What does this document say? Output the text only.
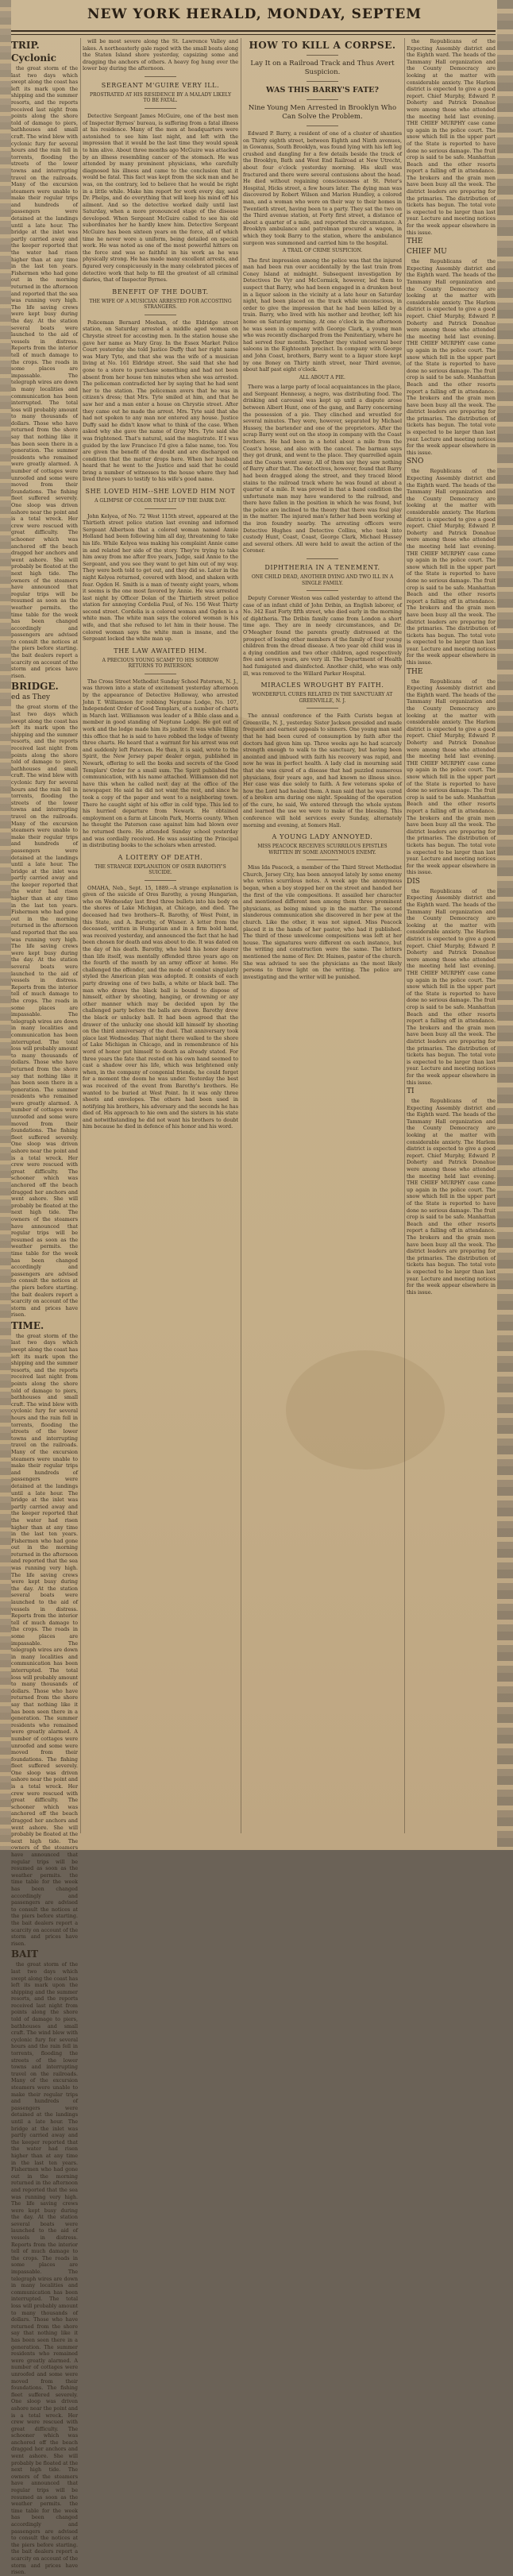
NEW YORK HERALD, MONDAY, SEPTEM
TRIP.
Cyclonic

the great storm of the last two days which swept along the coast has left its mark upon the shipping and the summer resorts, and the reports received last night from points along the shore told of damage to piers, bathhouses and small craft. The wind blew with cyclonic fury for several hours and the rain fell in torrents, flooding the streets of the lower towns and interrupting travel on the railroads. Many of the excursion steamers were unable to make their regular trips and hundreds of passengers were detained at the landings until a late hour. The bridge at the inlet was partly carried away and the keeper reported that the water had risen higher than at any time in the last ten years. Fishermen who had gone out in the morning returned in the afternoon and reported that the sea was running very high. The life saving crews were kept busy during the day. At the station several boats were launched to the aid of vessels in distress. Reports from the interior tell of much damage to the crops. The roads in some places are impassable. The telegraph wires are down in many localities and communication has been interrupted. The total loss will probably amount to many thousands of dollars. Those who have returned from the shore say that nothing like it has been seen there in a generation. The summer residents who remained were greatly alarmed. A number of cottages were unroofed and some were moved from their foundations. The fishing fleet suffered severely. One sloop was driven ashore near the point and is a total wreck. Her crew were rescued with great difficulty. The schooner which was anchored off the beach dragged her anchors and went ashore. She will probably be floated at the next high tide. The owners of the steamers have announced that regular trips will be resumed as soon as the weather permits. the time table for the week has been changed accordingly and passengers are advised to consult the notices at the piers before starting. the bait dealers report a scarcity on account of the storm and prices have risen.

BRIDGE.
ed as They

the great storm of the last two days which swept along the coast has left its mark upon the shipping and the summer resorts, and the reports received last night from points along the shore told of damage to piers, bathhouses and small craft. The wind blew with cyclonic fury for several hours and the rain fell in torrents, flooding the streets of the lower towns and interrupting travel on the railroads. Many of the excursion steamers were unable to make their regular trips and hundreds of passengers were detained at the landings until a late hour. The bridge at the inlet was partly carried away and the keeper reported that the water had risen higher than at any time in the last ten years. Fishermen who had gone out in the morning returned in the afternoon and reported that the sea was running very high. The life saving crews were kept busy during the day. At the station several boats were launched to the aid of vessels in distress. Reports from the interior tell of much damage to the crops. The roads in some places are impassable. The telegraph wires are down in many localities and communication has been interrupted. The total loss will probably amount to many thousands of dollars. Those who have returned from the shore say that nothing like it has been seen there in a generation. The summer residents who remained were greatly alarmed. A number of cottages were unroofed and some were moved from their foundations. The fishing fleet suffered severely. One sloop was driven ashore near the point and is a total wreck. Her crew were rescued with great difficulty. The schooner which was anchored off the beach dragged her anchors and went ashore. She will probably be floated at the next high tide. The owners of the steamers have announced that regular trips will be resumed as soon as the weather permits. the time table for the week has been changed accordingly and passengers are advised to consult the notices at the piers before starting. the bait dealers report a scarcity on account of the storm and prices have risen.

TIME.

the great storm of the last two days which swept along the coast has left its mark upon the shipping and the summer resorts, and the reports received last night from points along the shore told of damage to piers, bathhouses and small craft. The wind blew with cyclonic fury for several hours and the rain fell in torrents, flooding the streets of the lower towns and interrupting travel on the railroads. Many of the excursion steamers were unable to make their regular trips and hundreds of passengers were detained at the landings until a late hour. The bridge at the inlet was partly carried away and the keeper reported that the water had risen higher than at any time in the last ten years. Fishermen who had gone out in the morning returned in the afternoon and reported that the sea was running very high. The life saving crews were kept busy during the day. At the station several boats were launched to the aid of vessels in distress. Reports from the interior tell of much damage to the crops. The roads in some places are impassable. The telegraph wires are down in many localities and communication has been interrupted. The total loss will probably amount to many thousands of dollars. Those who have returned from the shore say that nothing like it has been seen there in a generation. The summer residents who remained were greatly alarmed. A number of cottages were unroofed and some were moved from their foundations. The fishing fleet suffered severely. One sloop was driven ashore near the point and is a total wreck. Her crew were rescued with great difficulty. The schooner which was anchored off the beach dragged her anchors and went ashore. She will probably be floated at the next high tide. The owners of the steamers have announced that regular trips will be resumed as soon as the weather permits. the time table for the week has been changed accordingly and passengers are advised to consult the notices at the piers before starting. the bait dealers report a scarcity on account of the storm and prices have risen.

BAIT

the great storm of the last two days which swept along the coast has left its mark upon the shipping and the summer resorts, and the reports received last night from points along the shore told of damage to piers, bathhouses and small craft. The wind blew with cyclonic fury for several hours and the rain fell in torrents, flooding the streets of the lower towns and interrupting travel on the railroads. Many of the excursion steamers were unable to make their regular trips and hundreds of passengers were detained at the landings until a late hour. The bridge at the inlet was partly carried away and the keeper reported that the water had risen higher than at any time in the last ten years. Fishermen who had gone out in the morning returned in the afternoon and reported that the sea was running very high. The life saving crews were kept busy during the day. At the station several boats were launched to the aid of vessels in distress. Reports from the interior tell of much damage to the crops. The roads in some places are impassable. The telegraph wires are down in many localities and communication has been interrupted. The total loss will probably amount to many thousands of dollars. Those who have returned from the shore say that nothing like it has been seen there in a generation. The summer residents who remained were greatly alarmed. A number of cottages were unroofed and some were moved from their foundations. The fishing fleet suffered severely. One sloop was driven ashore near the point and is a total wreck. Her crew were rescued with great difficulty. The schooner which was anchored off the beach dragged her anchors and went ashore. She will probably be floated at the next high tide. The owners of the steamers have announced that regular trips will be resumed as soon as the weather permits. the time table for the week has been changed accordingly and passengers are advised to consult the notices at the piers before starting. the bait dealers report a scarcity on account of the storm and prices have risen.

will be most severe along the St. Lawrence Valley and lakes. A northeasterly gale raged with the small boats along the Staten Island shore yesterday, capsizing some and dragging the anchors of others. A heavy fog hung over the lower bay during the afternoon.

SERGEANT M'GUIRE VERY ILL.
PROSTRATED AT HIS RESIDENCE BY A MALADY LIKELY TO BE FATAL.

Detective Sergeant James McGuire, one of the best men of Inspector Byrnes' bureau, is suffering from a fatal illness at his residence. Many of the men at headquarters were astonished to see him last night, and left with the impression that it would be the last time they would speak to him alive. About three months ago McGuire was attacked by an illness resembling cancer of the stomach. He was attended by many prominent physicians, who carefully diagnosed his illness and came to the conclusion that it would be fatal. This fact was kept from the sick man and he was, on the contrary, led to believe that he would be right in a little while. Make him report for work every day, said Dr. Phelps, and do everything that will keep his mind off his ailment. And so the detective worked daily until last Saturday, when a more pronounced stage of the disease developed. When Sergeant McGuire called to see his old subordinates her he hardly knew him. Detective Sergeant McGuire has been sixteen years on the force, all of which time he never wore a uniform, being detailed on special work. He was noted as one of the most powerful hitters on the force and was so faithful in his work as he was physically strong. He has made many excellent arrests, and figured very conspicuously in the many celebrated pieces of detective work that help to fill the greatest of all criminal diaries, that of Inspector Byrnes.

BENEFIT OF THE DOUBT.
THE WIFE OF A MUSICIAN ARRESTED FOR ACCOSTING STRANGERS.

Policeman Bernard Meehan, of the Eldridge street station, on Saturday arrested a middle aged woman on Chrystie street for accosting men. In the station house she gave her name as Mary Gray. In the Essex Market Police Court yesterday she told Justice Duffy that her right name was Mary Tyte, and that she was the wife of a musician living at No. 161 Eldridge street. She said that she had gone to a store to purchase something and had not been absent from her house ten minutes when she was arrested. The policeman contradicted her by saying that he had sent her to the station. The policeman avers that he was in citizen's dress; that Mrs. Tyte smiled at him, and that he saw her and a man enter a house on Chrystie street. After they came out he made the arrest. Mrs. Tyte said that she had not spoken to any man nor entered any house. Justice Duffy said he didn't know what to think of the case. When asked why she gave the name of Gray Mrs. Tyte said she was frightened. That's natural, said the magistrate. If I was guided by the law Francisco I'd give a false name, too. You are given the benefit of the doubt and are discharged on condition that the matter drops here. When her husband heard that he went to the Justice and said that he could bring a number of witnesses to the house where they had lived three years to testify to his wife's good name.

SHE LOVED HIM--SHE LOVED HIM NOT
A GLIMPSE OF COLOR THAT LIT UP THE DARK DAY.

John Kelyea, of No. 72 West 115th street, appeared at the Thirtieth street police station last evening and informed Sergeant Albertson that a colored woman named Annie Holland had been following him all day, threatening to take his life. While Kelyea was making his complaint Annie came in and related her side of the story. They're trying to take him away from me after five years, Judge, said Annie to the Sergeant, and you see they want to get him out of my way. They were both told to get out, and they did so. Later in the night Kelyea returned, covered with blood, and shaken with fear. Ogden H. Smith is a man of twenty eight years, whom it seems is the one most favored by Annie. He was arrested last night by Officer Dolan of the Thirtieth street police station for annoying Cordelia Paul, of No. 156 West Thirty second street. Cordelia is a colored woman and Ogden is a white man. The white man says the colored woman is his wife, and that she refused to let him in their house. The colored woman says the white man is insane, and the Sergeant locked the white man up.

THE LAW AWAITED HIM.
A PRECIOUS YOUNG SCAMP TO HIS SORROW RETURNS TO PATERSON.

The Cross Street Methodist Sunday School Paterson, N. J., was thrown into a state of excitement yesterday afternoon by the appearance of Detective Holloway, who arrested John T. Williamson for robbing Neptune Lodge, No. 107, Independent Order of Good Templars, of a number of charts in March last. Williamson was leader of a Bible class and a member in good standing of Neptune Lodge. He got out of work and the lodge made him its janitor. It was while filling this office that he is said to have robbed the lodge of twenty three charts. He heard that a warrant for his arrest was out and suddenly left Paterson. He then, it is said, wrote to the Spirit, the New Jersey paper dealer organ, published in Newark, offering to sell the books and secrets of the Good Templars' Order for a small sum. The Spirit published the communication, with his name attached. Williamson did not have this when he called next day at the office of the newspaper. He said he did not want the rest, and since he took a copy of the paper and went to a neighboring town. There he caught sight of his offer in cold type. This led to his hurried departure from Newark. He obtained employment on a farm at Lincoln Park, Morris county. When he thought the Paterson case against him had blown over he returned there. He attended Sunday school yesterday and was cordially received. He was assisting the Principal in distributing books to the scholars when arrested.

A LOITERY OF DEATH.
THE STRANGE EXPLANATION OF OSER BAROTHY'S SUICIDE.

OMAHA, Neb., Sept. 15, 1889.--A strange explanation is given of the suicide of Ores Barothy, a young Hungarian, who on Wednesday last fired three bullets into his body on the shores of Lake Michigan, at Chicago, and died. The deceased had two brothers--R. Barothy, of West Point, in this State, and A. Barothy, of Wisner. A letter from the deceased, written in Hungarian and in a firm bold hand, was received yesterday, and announced the fact that he had been chosen for death and was about to die. It was dated on the day of his death. Barothy, who held his honor dearer than life itself, was mentally offended three years ago on the fourth of the month by an army officer at home. He challenged the offender, and the mode of combat singularly styled the American plan was adopted. It consists of each party drawing one of two balls, a white or black ball. The man who draws the black ball is bound to dispose of himself, either by shooting, hanging, or drowning or any other manner which may be decided upon by the challenged party before the balls are drawn. Barothy drew the black or unlucky ball. It had been agreed that the drawer of the unlucky one should kill himself by shooting on the third anniversary of the duel. That anniversary took place last Wednesday. That night there walked to the shore of Lake Michigan in Chicago, and in remembrance of his word of honor put himself to death as already stated. For three years the fate that rested on his own hand seemed to cast a shadow over his life, which was brightened only when, in the company of congenial friends, he could forget for a moment the doom he was under. Yesterday the best was received of the event from Barothy's brothers. He wanted to be buried at West Point. In it was only three sheets and envelopes. The others had been used in notifying his brothers, his adversary and the seconds he has died of. His approach to hie own and the sisters in his state and notwithstanding he did not want his brothers to doubt him because he died in defence of his honor and his word.

HOW TO KILL A CORPSE.
Lay It on a Railroad Track and Thus Avert Suspicion.
WAS THIS BARRY'S FATE?
Nine Young Men Arrested in Brooklyn Who Can Solve the Problem.

Edward P. Barry, a resident of one of a cluster of shanties on Thirty eighth street, between Eighth and Ninth avenues, in Gowanus, South Brooklyn, was found lying with his left leg crushed and dangling for a few details beside the track of the Brooklyn, Bath and West End Railroad at New Utrecht, about four o'clock yesterday morning. His skull was fractured and there were several contusions about the head. He died without regaining consciousness at St. Peter's Hospital, Hicks street, a few hours later. The dying man was discovered by Robert Wilson and Marion Hundley, a colored man, and a woman who were on their way to their homes in Twentieth street, having been to a party. They sat the two on the Third avenue station, at Forty first street, a distance of about a quarter of a mile, and reported the circumstance. A Brooklyn ambulance and patrolman procured a wagon, in which they took Barry to the station, where the ambulance surgeon was summoned and carried him to the hospital.

A TRAIL OF CRIME SUSPICION.

The first impression among the police was that the injured man had been run over accidentally by the last train from Coney Island at midnight. Subsequent investigation by Detectives De Vyr and McCormick, however, led them to suspect that Barry, who had been engaged in a drunken bout in a liquor saloon in the vicinity at a late hour on Saturday night, had been placed on the track while unconscious, in order to give the impression that he had been killed by a train. Barry, who lived with his mother and brother, left his home on Saturday morning. At one o'clock in the afternoon he was seen in company with George Clark, a young man who was recently discharged from the Penitentiary, where he had served four months. Together they visited several beer saloons in the Eighteenth precinct. In company with George and John Coast, brothers, Barry went to a liquor store kept by one Boney on Thirty ninth street, near Third avenue, about half past eight o'clock.

ALL ABOUT A PIE.

There was a large party of local acquaintances in the place, and Sergeant Hennessy, a negro, was distributing food. The drinking and carousal was kept up until a dispute arose between Albert Hunt, one of the gang, and Barry concerning the possession of a pie. They clinched and wrestled for several minutes. They were, however, separated by Michael Hussey, the bartender and one of the proprietors. After the scrap Barry went out on the stoop in company with the Coast brothers. He had been in a hotel about a mile from the Coast's house, and also with the cancel. The barman says they got drunk, and went to the place. They quarrelled again and the Coasts went away. All of them say they saw nothing of Barry after that. The detectives, however, found that Barry had been dragged along the street, and they traced blood stains to the railroad track where he was found at about a quarter of a mile. It was proved in that a band condition the unfortunate man may have wandered to the railroad, and there have fallen in the position in which he was found, but the police are inclined to the theory that there was foul play in the matter. The injured man's father had been working at the iron foundry nearby. The arresting officers were Detective Hughes and Detective Collins, who took into custody Hunt, Coast, Coast, George Clark, Michael Hussey and several others. All were held to await the action of the Coroner.

DIPHTHERIA IN A TENEMENT.
ONE CHILD DEAD, ANOTHER DYING AND TWO ILL IN A SINGLE FAMILY.

Deputy Coroner Weston was called yesterday to attend the case of an infant child of John Dribin, an English laborer, of No. 342 East Forty fifth street, who died early in the morning of diphtheria. The Dribin family came from London a short time ago. They are in needy circumstances, and Dr. O'Meagher found the parents greatly distressed at the prospect of losing other members of the family of four young children from the dread disease. A two year old child was in a dying condition and two other children, aged respectively five and seven years, are very ill. The Department of Health had fumigated and disinfected. Another child, who was only ill, was removed to the Willard Parker Hospital.

MIRACLES WROUGHT BY FAITH.
WONDERFUL CURES RELATED IN THE SANCTUARY AT GREENVILLE, N. J.

The annual conference of the Faith Curists began at Greenville, N. J., yesterday. Sister Jackson presided and made frequent and earnest appeals to sinners. One young man said that he had been cured of consumption by faith after the doctors had given him up. Three weeks ago he had scarcely strength enough to walk to the sanctuary, but having been anointed and imbued with faith his recovery was rapid, and now he was in perfect health. A lady clad in mourning said that she was cured of a disease that had puzzled numerous physicians, four years ago, and had known no illness since. Her case was due solely to faith. A few veterans spoke of how the Lord had healed them. A man said that he was cured of a broken arm during one night. Speaking of the operation of the cure, he said, We entered through the whole system and learned the use we were to make of the blessing. This conference will hold services every Sunday, alternately morning and evening, at Somers Hall.

A YOUNG LADY ANNOYED.
MISS PEACOCK RECEIVES SCURRILOUS EPISTLES WRITTEN BY SOME ANONYMOUS ENEMY.

Miss Ida Peacock, a member of the Third Street Methodist Church, Jersey City, has been annoyed lately by some enemy who writes scurrilous notes. A week ago the anonymous began, when a boy stopped her on the street and handed her the first of the vile compositions. It assailed her character and mentioned different men among them three prominent physicians, as being mixed up in the matter. The second slanderous communication she discovered in her pew at the church. Like the other, it was not signed. Miss Peacock placed it in the hands of her pastor, who had it published. The third of these unwelcome compositions was left at her house. The signatures were different on each instance, but the writing and construction were the same. The letters mentioned the name of Rev. Dr. Haines, pastor of the church. She was advised to see the physicians as the most likely persons to throw light on the writing. The police are investigating and the writer will be punished.

the Republicans of the Expecting Assembly district and the Eighth ward. The heads of the Tammany Hall organization and the County Democracy are looking at the matter with considerable anxiety. The Harlem district is expected to give a good report. Chief Murphy, Edward P. Doherty and Patrick Donahue were among those who attended the meeting held last evening. THE CHIEF MURPHY case came up again in the police court. The snow which fell in the upper part of the State is reported to have done no serious damage. The fruit crop is said to be safe. Manhattan Beach and the other resorts report a falling off in attendance. The brokers and the grain men have been busy all the week. The district leaders are preparing for the primaries. The distribution of tickets has begun. The total vote is expected to be larger than last year. Lecture and meeting notices for the week appear elsewhere in this issue.

THE
CHIEF MU

the Republicans of the Expecting Assembly district and the Eighth ward. The heads of the Tammany Hall organization and the County Democracy are looking at the matter with considerable anxiety. The Harlem district is expected to give a good report. Chief Murphy, Edward P. Doherty and Patrick Donahue were among those who attended the meeting held last evening. THE CHIEF MURPHY case came up again in the police court. The snow which fell in the upper part of the State is reported to have done no serious damage. The fruit crop is said to be safe. Manhattan Beach and the other resorts report a falling off in attendance. The brokers and the grain men have been busy all the week. The district leaders are preparing for the primaries. The distribution of tickets has begun. The total vote is expected to be larger than last year. Lecture and meeting notices for the week appear elsewhere in this issue.

SNO

the Republicans of the Expecting Assembly district and the Eighth ward. The heads of the Tammany Hall organization and the County Democracy are looking at the matter with considerable anxiety. The Harlem district is expected to give a good report. Chief Murphy, Edward P. Doherty and Patrick Donahue were among those who attended the meeting held last evening. THE CHIEF MURPHY case came up again in the police court. The snow which fell in the upper part of the State is reported to have done no serious damage. The fruit crop is said to be safe. Manhattan Beach and the other resorts report a falling off in attendance. The brokers and the grain men have been busy all the week. The district leaders are preparing for the primaries. The distribution of tickets has begun. The total vote is expected to be larger than last year. Lecture and meeting notices for the week appear elsewhere in this issue.

THE

the Republicans of the Expecting Assembly district and the Eighth ward. The heads of the Tammany Hall organization and the County Democracy are looking at the matter with considerable anxiety. The Harlem district is expected to give a good report. Chief Murphy, Edward P. Doherty and Patrick Donahue were among those who attended the meeting held last evening. THE CHIEF MURPHY case came up again in the police court. The snow which fell in the upper part of the State is reported to have done no serious damage. The fruit crop is said to be safe. Manhattan Beach and the other resorts report a falling off in attendance. The brokers and the grain men have been busy all the week. The district leaders are preparing for the primaries. The distribution of tickets has begun. The total vote is expected to be larger than last year. Lecture and meeting notices for the week appear elsewhere in this issue.

DIS

the Republicans of the Expecting Assembly district and the Eighth ward. The heads of the Tammany Hall organization and the County Democracy are looking at the matter with considerable anxiety. The Harlem district is expected to give a good report. Chief Murphy, Edward P. Doherty and Patrick Donahue were among those who attended the meeting held last evening. THE CHIEF MURPHY case came up again in the police court. The snow which fell in the upper part of the State is reported to have done no serious damage. The fruit crop is said to be safe. Manhattan Beach and the other resorts report a falling off in attendance. The brokers and the grain men have been busy all the week. The district leaders are preparing for the primaries. The distribution of tickets has begun. The total vote is expected to be larger than last year. Lecture and meeting notices for the week appear elsewhere in this issue.

TI

the Republicans of the Expecting Assembly district and the Eighth ward. The heads of the Tammany Hall organization and the County Democracy are looking at the matter with considerable anxiety. The Harlem district is expected to give a good report. Chief Murphy, Edward P. Doherty and Patrick Donahue were among those who attended the meeting held last evening. THE CHIEF MURPHY case came up again in the police court. The snow which fell in the upper part of the State is reported to have done no serious damage. The fruit crop is said to be safe. Manhattan Beach and the other resorts report a falling off in attendance. The brokers and the grain men have been busy all the week. The district leaders are preparing for the primaries. The distribution of tickets has begun. The total vote is expected to be larger than last year. Lecture and meeting notices for the week appear elsewhere in this issue.
